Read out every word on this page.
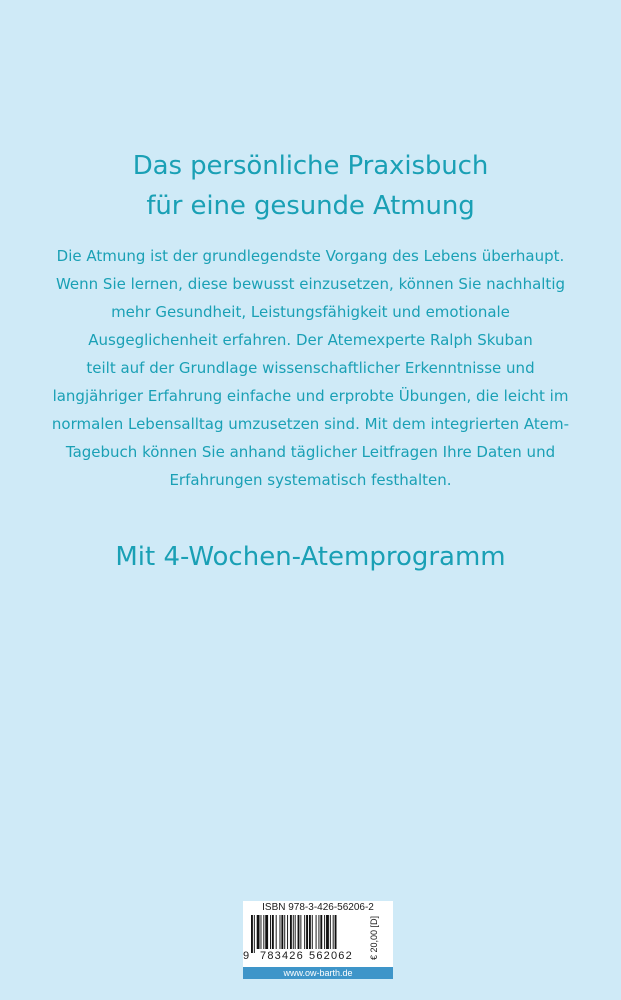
Das persönliche Praxisbuch
für eine gesunde Atmung
Die Atmung ist der grundlegendste Vorgang des Lebens überhaupt.
Wenn Sie lernen, diese bewusst einzusetzen, können Sie nachhaltig
mehr Gesundheit, Leistungsfähigkeit und emotionale
Ausgeglichenheit erfahren. Der Atemexperte Ralph Skuban
teilt auf der Grundlage wissenschaftlicher Erkenntnisse und
langjähriger Erfahrung einfache und erprobte Übungen, die leicht im
normalen Lebensalltag umzusetzen sind. Mit dem integrierten Atem-
Tagebuch können Sie anhand täglicher Leitfragen Ihre Daten und
Erfahrungen systematisch festhalten.
Mit 4-Wochen-Atemprogramm
ISBN 978-3-426-56206-2
9 783426 562062 € 20,00 [D]
www.ow-barth.de
